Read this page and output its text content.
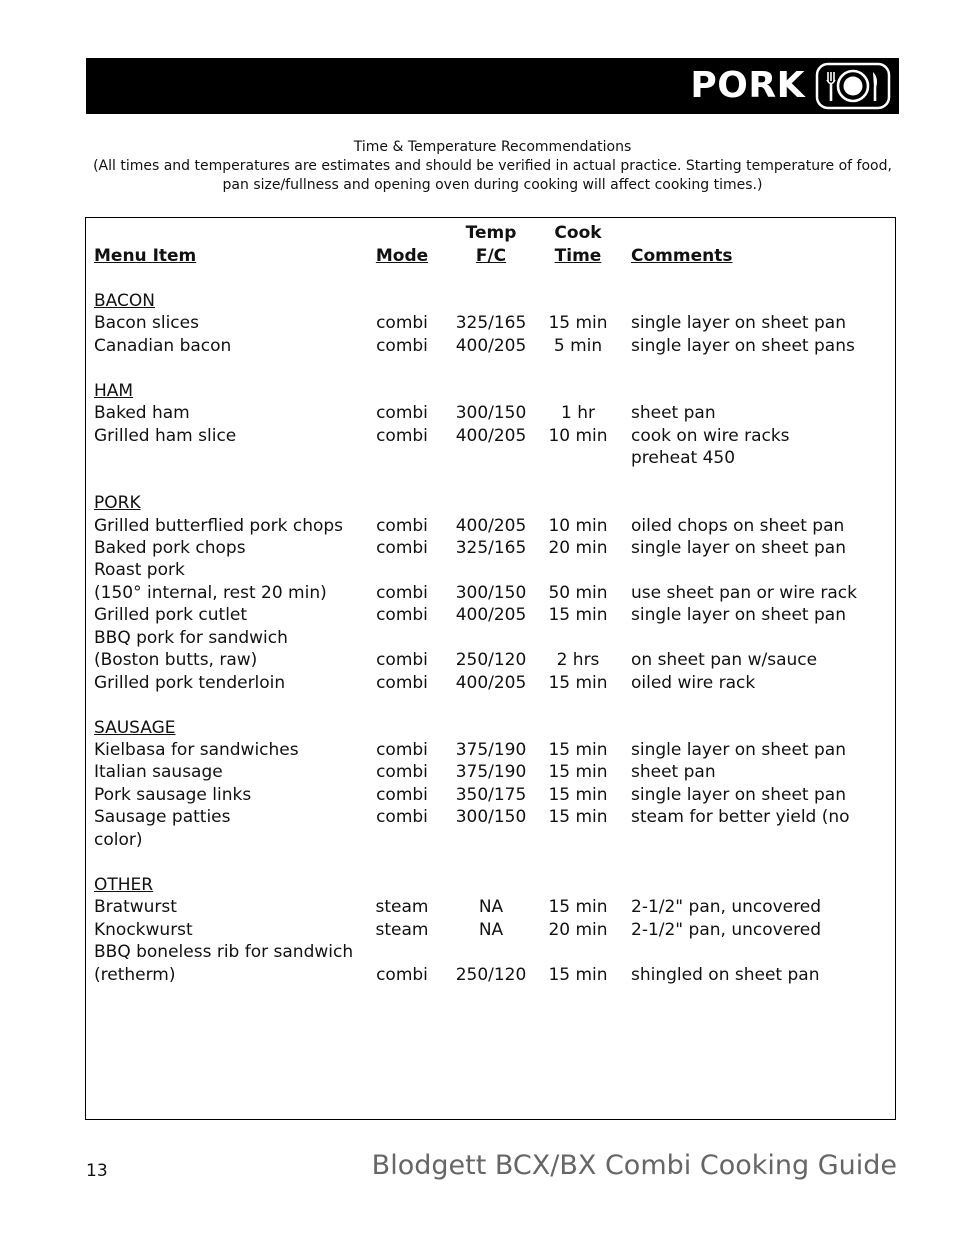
PORK
Time & Temperature Recommendations
(All times and temperatures are estimates and should be verified in actual practice. Starting temperature of food,
pan size/fullness and opening oven during cooking will affect cooking times.)
Temp	Cook
Menu Item	Mode	F/C	Time	Comments
BACON
Bacon slices	combi	325/165	15 min	single layer on sheet pan
Canadian bacon	combi	400/205	5 min	single layer on sheet pans
HAM
Baked ham	combi	300/150	1 hr	sheet pan
Grilled ham slice	combi	400/205	10 min	cook on wire racks
preheat 450
PORK
Grilled butterflied pork chops	combi	400/205	10 min	oiled chops on sheet pan
Baked pork chops	combi	325/165	20 min	single layer on sheet pan
Roast pork
(150° internal, rest 20 min)	combi	300/150	50 min	use sheet pan or wire rack
Grilled pork cutlet	combi	400/205	15 min	single layer on sheet pan
BBQ pork for sandwich
(Boston butts, raw)	combi	250/120	2 hrs	on sheet pan w/sauce
Grilled pork tenderloin	combi	400/205	15 min	oiled wire rack
SAUSAGE
Kielbasa for sandwiches	combi	375/190	15 min	single layer on sheet pan
Italian sausage	combi	375/190	15 min	sheet pan
Pork sausage links	combi	350/175	15 min	single layer on sheet pan
Sausage patties	combi	300/150	15 min	steam for better yield (no
color)
OTHER
Bratwurst	steam	NA	15 min	2-1/2" pan, uncovered
Knockwurst	steam	NA	20 min	2-1/2" pan, uncovered
BBQ boneless rib for sandwich
(retherm)	combi	250/120	15 min	shingled on sheet pan
13	Blodgett BCX/BX Combi Cooking Guide
